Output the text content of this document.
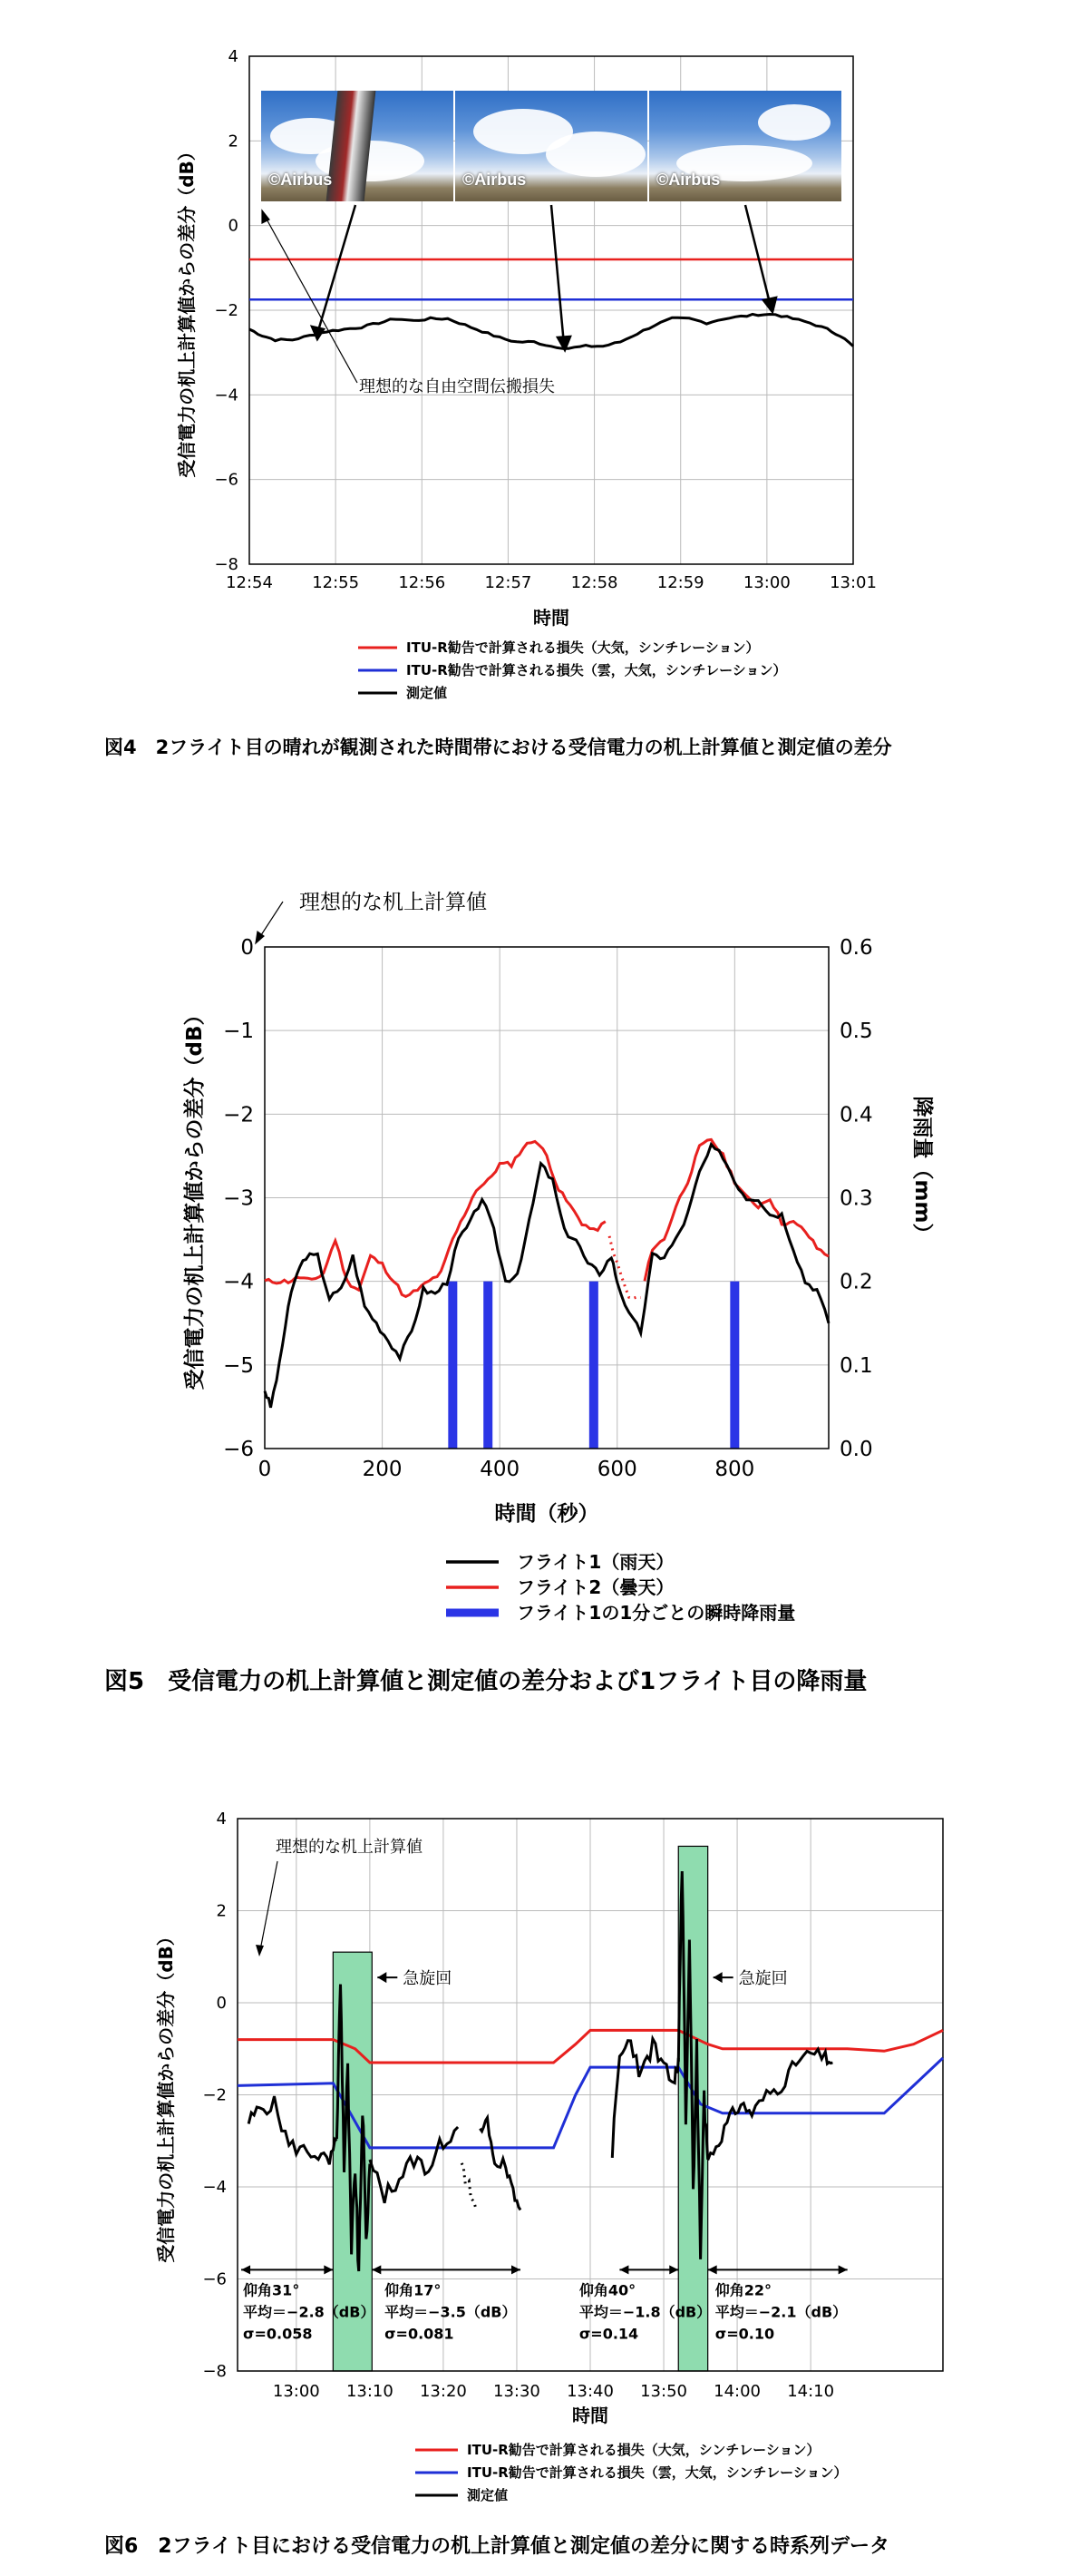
12:54 12:55 12:56 12:57 12:58 12:59 13:00 13:01
4
2
0
−2
−4
−6
−8
受信電力の机上計算値からの差分（dB）
時間
理想的な自由空間伝搬損失
ITU-R勧告で計算される損失（大気，シンチレーション）
ITU-R勧告で計算される損失（雲，大気，シンチレーション）
測定値
©Airbus	©Airbus	©Airbus
図4　2フライト目の晴れが観測された時間帯における受信電力の机上計算値と測定値の差分
0	200	400	600	800
0	0.6
−1	0.5
−2	0.4
−3	0.3
−4	0.2
−5	0.1
−6	0.0
受信電力の机上計算値からの差分（dB）	降雨量（mm）
時間（秒）
理想的な机上計算値
フライト1（雨天）
フライト2（曇天）
フライト1の1分ごとの瞬時降雨量
図5　受信電力の机上計算値と測定値の差分および1フライト目の降雨量
13:00 13:10 13:20 13:30 13:40 13:50 14:00 14:10
4
2
0
−2
−4
−6
−8
受信電力の机上計算値からの差分（dB）
時間
急旋回	急旋回
仰角31°
平均＝−2.8（dB）
σ=0.058
仰角17°
平均＝−3.5（dB）
σ=0.081
仰角40°
平均＝−1.8（dB）
σ=0.14
仰角22°
平均＝−2.1（dB）
σ=0.10
理想的な机上計算値
ITU-R勧告で計算される損失（大気，シンチレーション）
ITU-R勧告で計算される損失（雲，大気，シンチレーション）
測定値
図6　2フライト目における受信電力の机上計算値と測定値の差分に関する時系列データ
